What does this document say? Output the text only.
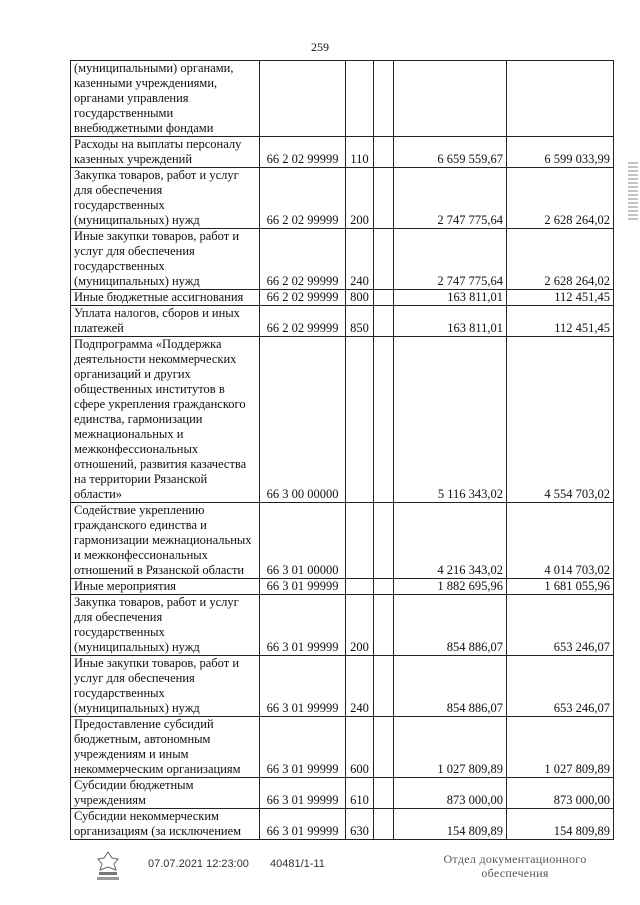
259
(муниципальными) органами, казенными учреждениями, органами управления государственными внебюджетными фондами					
Расходы на выплаты персоналу казенных учреждений	66 2 02 99999	110		6 659 559,67	6 599 033,99
Закупка товаров, работ и услуг для обеспечения государственных (муниципальных) нужд	66 2 02 99999	200		2 747 775,64	2 628 264,02
Иные закупки товаров, работ и услуг для обеспечения государственных (муниципальных) нужд	66 2 02 99999	240		2 747 775,64	2 628 264,02
Иные бюджетные ассигнования	66 2 02 99999	800		163 811,01	112 451,45
Уплата налогов, сборов и иных платежей	66 2 02 99999	850		163 811,01	112 451,45
Подпрограмма «Поддержка деятельности некоммерческих организаций и других общественных институтов в сфере укрепления гражданского единства, гармонизации межнациональных и межконфессиональных отношений, развития казачества на территории Рязанской области»	66 3 00 00000			5 116 343,02	4 554 703,02
Содействие укреплению гражданского единства и гармонизации межнациональных и межконфессиональных отношений в Рязанской области	66 3 01 00000			4 216 343,02	4 014 703,02
Иные мероприятия	66 3 01 99999			1 882 695,96	1 681 055,96
Закупка товаров, работ и услуг для обеспечения государственных (муниципальных) нужд	66 3 01 99999	200		854 886,07	653 246,07
Иные закупки товаров, работ и услуг для обеспечения государственных (муниципальных) нужд	66 3 01 99999	240		854 886,07	653 246,07
Предоставление субсидий бюджетным, автономным учреждениям и иным некоммерческим организациям	66 3 01 99999	600		1 027 809,89	1 027 809,89
Субсидии бюджетным учреждениям	66 3 01 99999	610		873 000,00	873 000,00
Субсидии некоммерческим организациям (за исключением	66 3 01 99999	630		154 809,89	154 809,89
07.07.2021 12:23:00 40481/1-11	Отдел документационного
обеспечения
